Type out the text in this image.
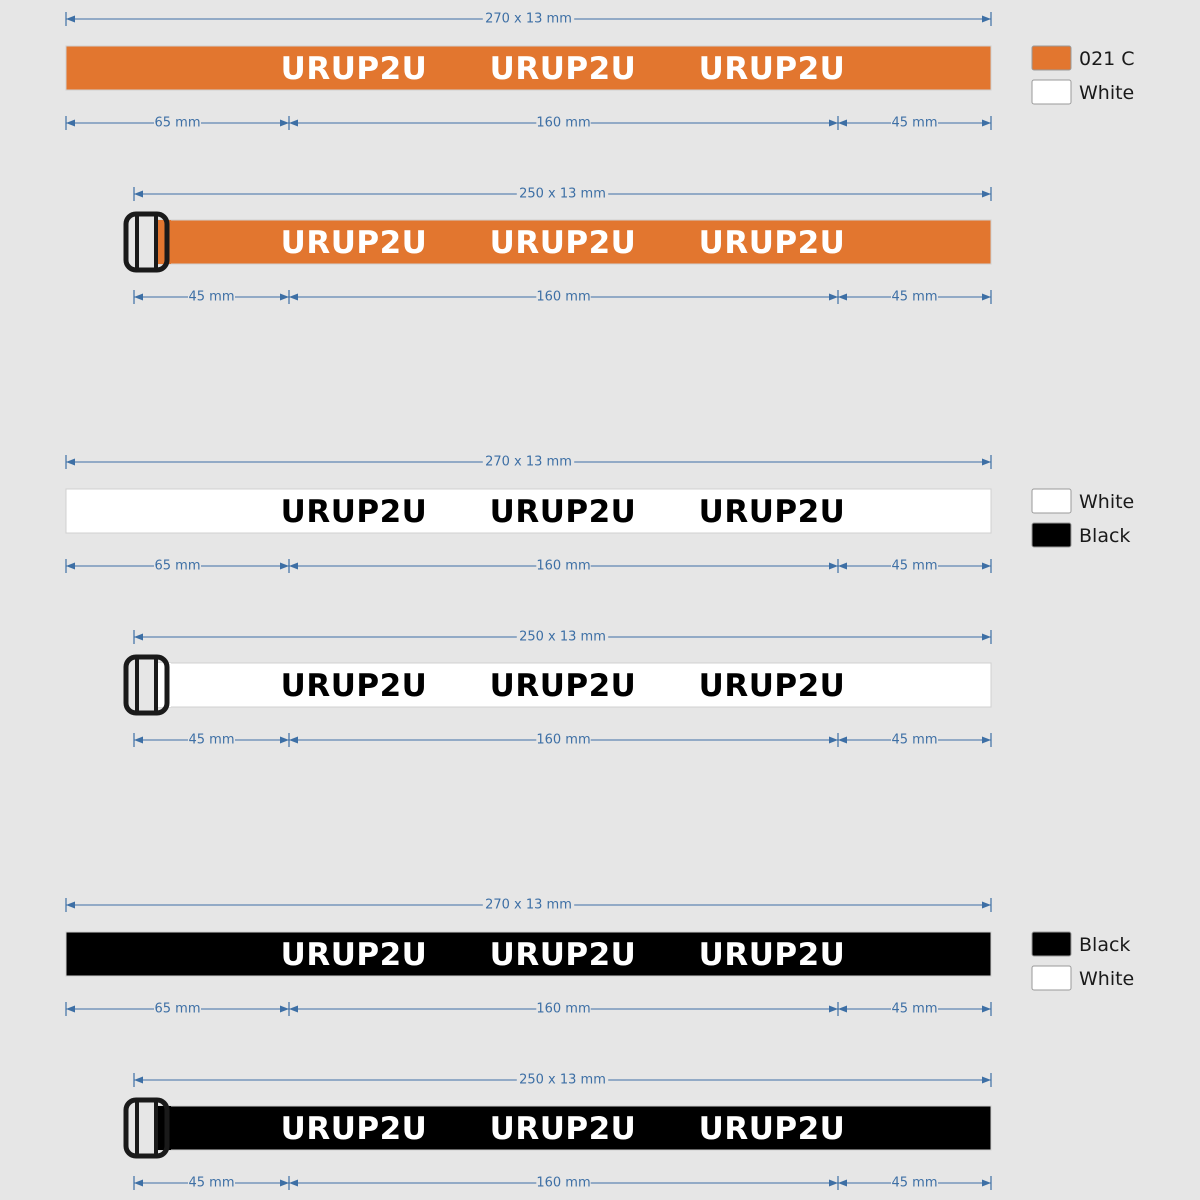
270 x 13 mm
URUP2U URUP2U URUP2U
65 mm	160 mm	45 mm
250 x 13 mm
URUP2U URUP2U URUP2U
45 mm	160 mm	45 mm
021 C
White
270 x 13 mm
URUP2U URUP2U URUP2U
65 mm	160 mm	45 mm
250 x 13 mm
URUP2U URUP2U URUP2U
45 mm	160 mm	45 mm
White
Black
270 x 13 mm
URUP2U URUP2U URUP2U
65 mm	160 mm	45 mm
250 x 13 mm
URUP2U URUP2U URUP2U
45 mm	160 mm	45 mm
Black
White
